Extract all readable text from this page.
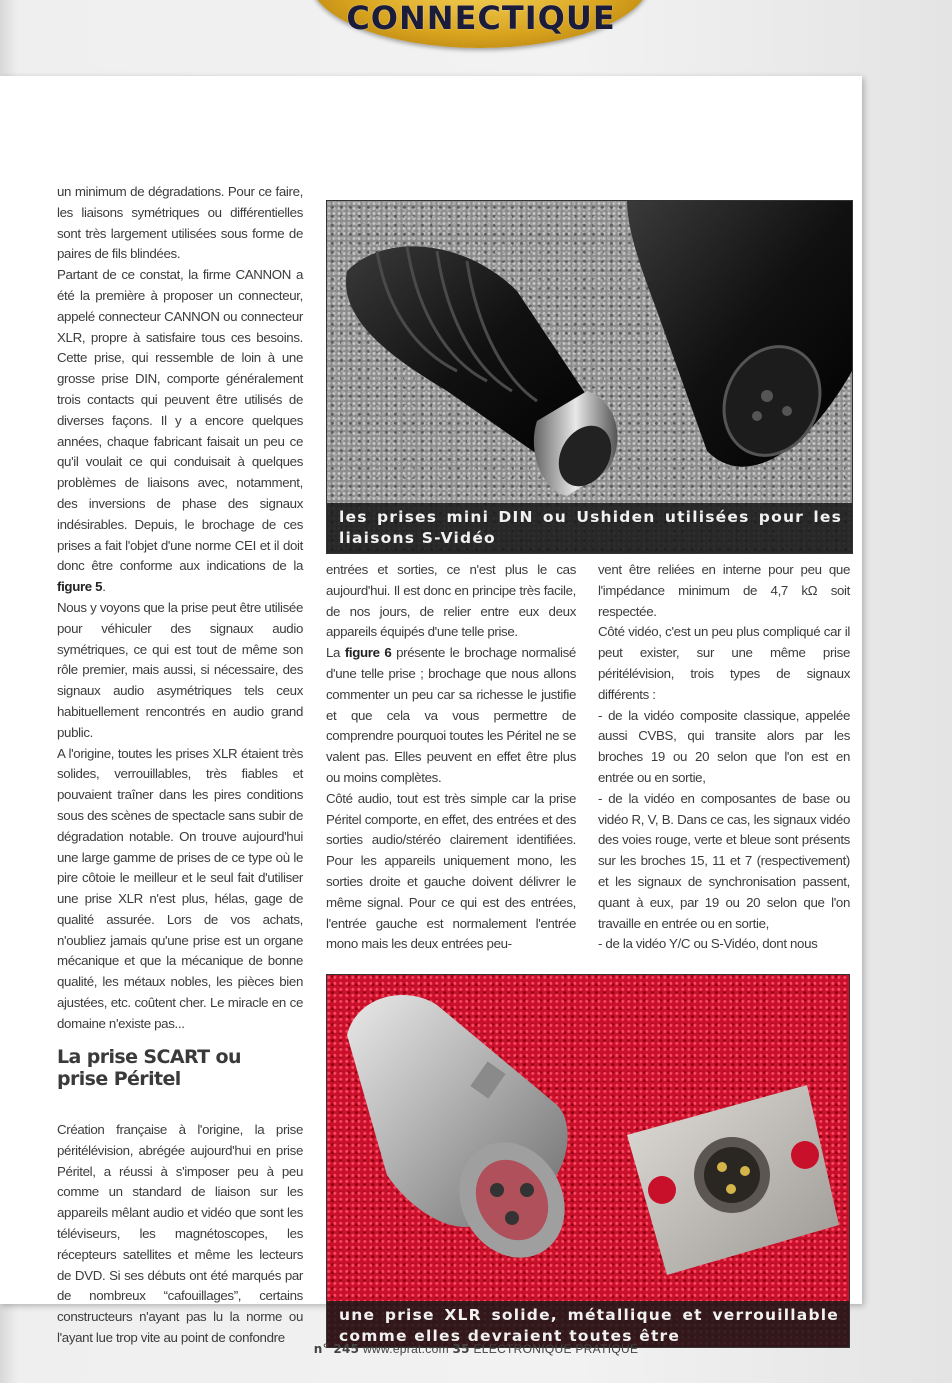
un minimum de dégradations. Pour ce faire, les liaisons symétriques ou différentielles sont très largement utilisées sous forme de paires de fils blindées.

Partant de ce constat, la firme CANNON a été la première à proposer un connecteur, appelé connecteur CANNON ou connecteur XLR, propre à satisfaire tous ces besoins. Cette prise, qui ressemble de loin à une grosse prise DIN, comporte généralement trois contacts qui peuvent être utilisés de diverses façons. Il y a encore quelques années, chaque fabricant faisait un peu ce qu'il voulait ce qui conduisait à quelques problèmes de liaisons avec, notamment, des inversions de phase des signaux indésirables. Depuis, le brochage de ces prises a fait l'objet d'une norme CEI et il doit donc être conforme aux indications de la figure 5.

Nous y voyons que la prise peut être utilisée pour véhiculer des signaux audio symétriques, ce qui est tout de même son rôle premier, mais aussi, si nécessaire, des signaux audio asymétriques tels ceux habituellement rencontrés en audio grand public.

A l'origine, toutes les prises XLR étaient très solides, verrouillables, très fiables et pouvaient traîner dans les pires conditions sous des scènes de spectacle sans subir de dégradation notable. On trouve aujourd'hui une large gamme de prises de ce type où le pire côtoie le meilleur et le seul fait d'utiliser une prise XLR n'est plus, hélas, gage de qualité assurée. Lors de vos achats, n'oubliez jamais qu'une prise est un organe mécanique et que la mécanique de bonne qualité, les métaux nobles, les pièces bien ajustées, etc. coûtent cher. Le miracle en ce domaine n'existe pas...

La prise SCART ou prise Péritel

Création française à l'origine, la prise péritélévision, abrégée aujourd'hui en prise Péritel, a réussi à s'imposer peu à peu comme un standard de liaison sur les appareils mêlant audio et vidéo que sont les téléviseurs, les magnétoscopes, les récepteurs satellites et même les lecteurs de DVD. Si ses débuts ont été marqués par de nombreux “cafouillages”, certains constructeurs n'ayant pas lu la norme ou l'ayant lue trop vite au point de confondre

entrées et sorties, ce n'est plus le cas aujourd'hui. Il est donc en principe très facile, de nos jours, de relier entre eux deux appareils équipés d'une telle prise.

La figure 6 présente le brochage normalisé d'une telle prise ; brochage que nous allons commenter un peu car sa richesse le justifie et que cela va vous permettre de comprendre pourquoi toutes les Péritel ne se valent pas. Elles peuvent en effet être plus ou moins complètes.

Côté audio, tout est très simple car la prise Péritel comporte, en effet, des entrées et des sorties audio/stéréo clairement identifiées. Pour les appareils uniquement mono, les sorties droite et gauche doivent délivrer le même signal. Pour ce qui est des entrées, l'entrée gauche est normalement l'entrée mono mais les deux entrées peu-

vent être reliées en interne pour peu que l'impédance minimum de 4,7 kΩ soit respectée.

Côté vidéo, c'est un peu plus compliqué car il peut exister, sur une même prise péritélévision, trois types de signaux différents :

- de la vidéo composite classique, appelée aussi CVBS, qui transite alors par les broches 19 ou 20 selon que l'on est en entrée ou en sortie,

- de la vidéo en composantes de base ou vidéo R, V, B. Dans ce cas, les signaux vidéo des voies rouge, verte et bleue sont présents sur les broches 15, 11 et 7 (respectivement) et les signaux de synchronisation passent, quant à eux, par 19 ou 20 selon que l'on travaille en entrée ou en sortie,

- de la vidéo Y/C ou S-Vidéo, dont nous

les prises mini DIN ou Ushiden utilisées pour les liaisons S-Vidéo
une prise XLR solide, métallique et verrouillable comme elles devraient toutes être
CONNECTIQUE
n° 245 www.eprat.com 35 ELECTRONIQUE PRATIQUE
